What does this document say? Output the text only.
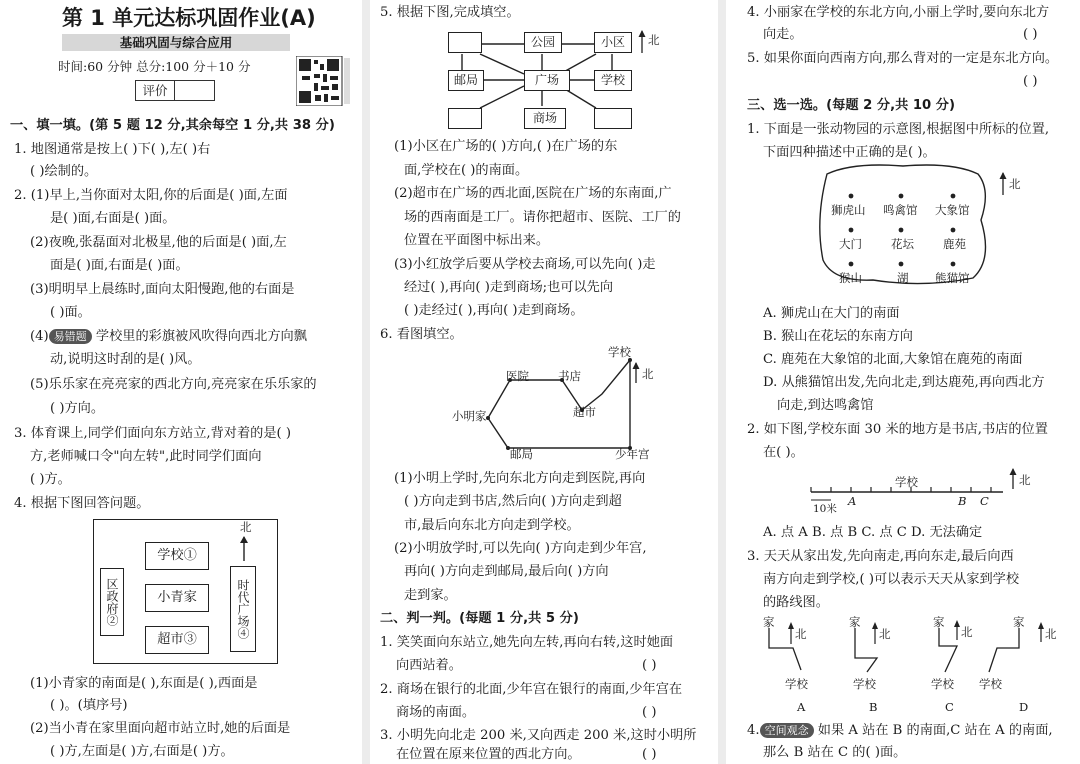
第 1 单元达标巩固作业(A)
基础巩固与综合应用
时间:60 分钟 总分:100 分＋10 分
评价
一、填一填。(第 5 题 12 分,其余每空 1 分,共 38 分)
1. 地图通常是按上( )下( ),左( )右
( )绘制的。
2. (1)早上,当你面对太阳,你的后面是( )面,左面
是( )面,右面是( )面。
(2)夜晚,张磊面对北极星,他的后面是( )面,左
面是( )面,右面是( )面。
(3)明明早上晨练时,面向太阳慢跑,他的右面是
( )面。
(4) 易错题 学校里的彩旗被风吹得向西北方向飘
动,说明这时刮的是( )风。
(5)乐乐家在亮亮家的西北方向,亮亮家在乐乐家的
( )方向。
3. 体育课上,同学们面向东方站立,背对着的是( )
方,老师喊口令"向左转",此时同学们面向
( )方。
4. 根据下图回答问题。
学校①
小青家
超市③
区政府②	时代广场④
北
(1)小青家的南面是( ),东面是( ),西面是
( )。(填序号)
(2)当小青在家里面向超市站立时,她的后面是
( )方,左面是( )方,右面是( )方。
5. 根据下图,完成填空。
公园	小区
邮局	广场	学校
商场
北
(1)小区在广场的( )方向,( )在广场的东
面,学校在( )的南面。
(2)超市在广场的西北面,医院在广场的东南面,广
场的西南面是工厂。请你把超市、医院、工厂的
位置在平面图中标出来。
(3)小红放学后要从学校去商场,可以先向( )走
经过( ),再向( )走到商场;也可以先向
( )走经过( ),再向( )走到商场。
6. 看图填空。
学校
医院	书店
小明家	超市
邮局	少年宫
北
(1)小明上学时,先向东北方向走到医院,再向
( )方向走到书店,然后向( )方向走到超
市,最后向东北方向走到学校。
(2)小明放学时,可以先向( )方向走到少年宫,
再向( )方向走到邮局,最后向( )方向
走到家。
二、判一判。(每题 1 分,共 5 分)
1. 笑笑面向东站立,她先向左转,再向右转,这时她面
向西站着。	( )
2. 商场在银行的北面,少年宫在银行的南面,少年宫在
商场的南面。	( )
3. 小明先向北走 200 米,又向西走 200 米,这时小明所
在位置在原来位置的西北方向。	( )
4. 小丽家在学校的东北方向,小丽上学时,要向东北方
向走。	( )
5. 如果你面向西南方向,那么背对的一定是东北方向。
( )
三、选一选。(每题 2 分,共 10 分)
1. 下面是一张动物园的示意图,根据图中所标的位置,
下面四种描述中正确的是( )。
狮虎山 鸣禽馆 大象馆
大门	花坛	鹿苑
猴山	湖 熊猫馆
北
A. 狮虎山在大门的南面
B. 猴山在花坛的东南方向
C. 鹿苑在大象馆的北面,大象馆在鹿苑的南面
D. 从熊猫馆出发,先向北走,到达鹿苑,再向西北方
向走,到达鸣禽馆
2. 如下图,学校东面 30 米的地方是书店,书店的位置
在( )。
学校
10米
A	B C
北
A. 点 A B. 点 B C. 点 C D. 无法确定
3. 天天从家出发,先向南走,再向东走,最后向西
南方向走到学校,( )可以表示天天从家到学校
的路线图。
家	家	家	家
北	北	北	北
学校	学校	学校 学校
A	B	C	D
4. 空间观念 如果 A 站在 B 的南面,C 站在 A 的南面,
那么 B 站在 C 的( )面。
